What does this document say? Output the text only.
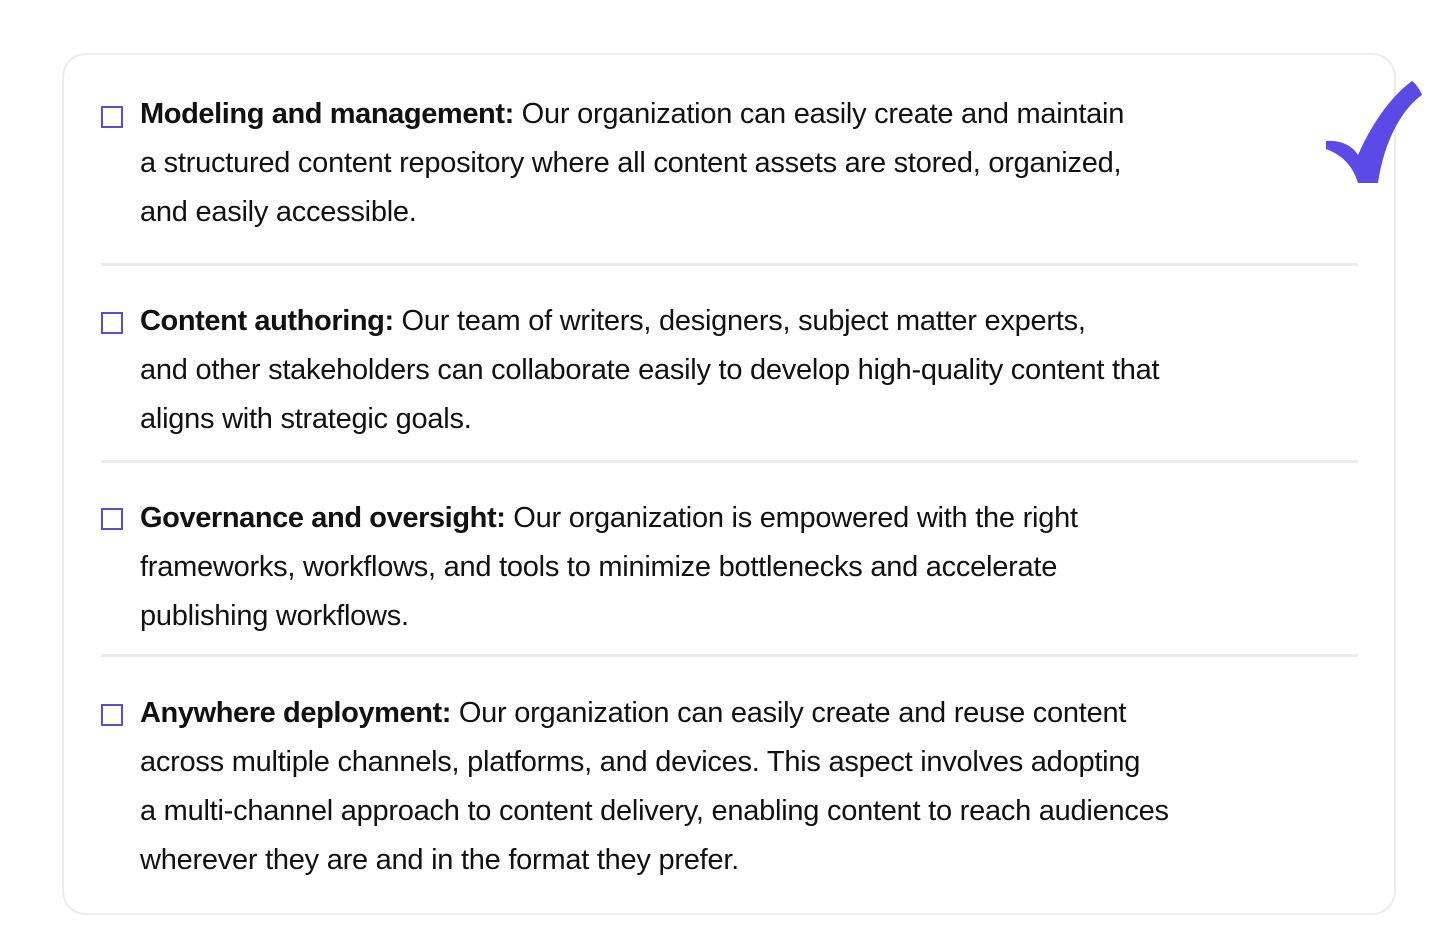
Modeling and management: Our organization can easily create and maintain
a structured content repository where all content assets are stored, organized,
and easily accessible.

Content authoring: Our team of writers, designers, subject matter experts,
and other stakeholders can collaborate easily to develop high-quality content that
aligns with strategic goals.

Governance and oversight: Our organization is empowered with the right
frameworks, workflows, and tools to minimize bottlenecks and accelerate
publishing workflows.

Anywhere deployment: Our organization can easily create and reuse content
across multiple channels, platforms, and devices. This aspect involves adopting
a multi-channel approach to content delivery, enabling content to reach audiences
wherever they are and in the format they prefer.
